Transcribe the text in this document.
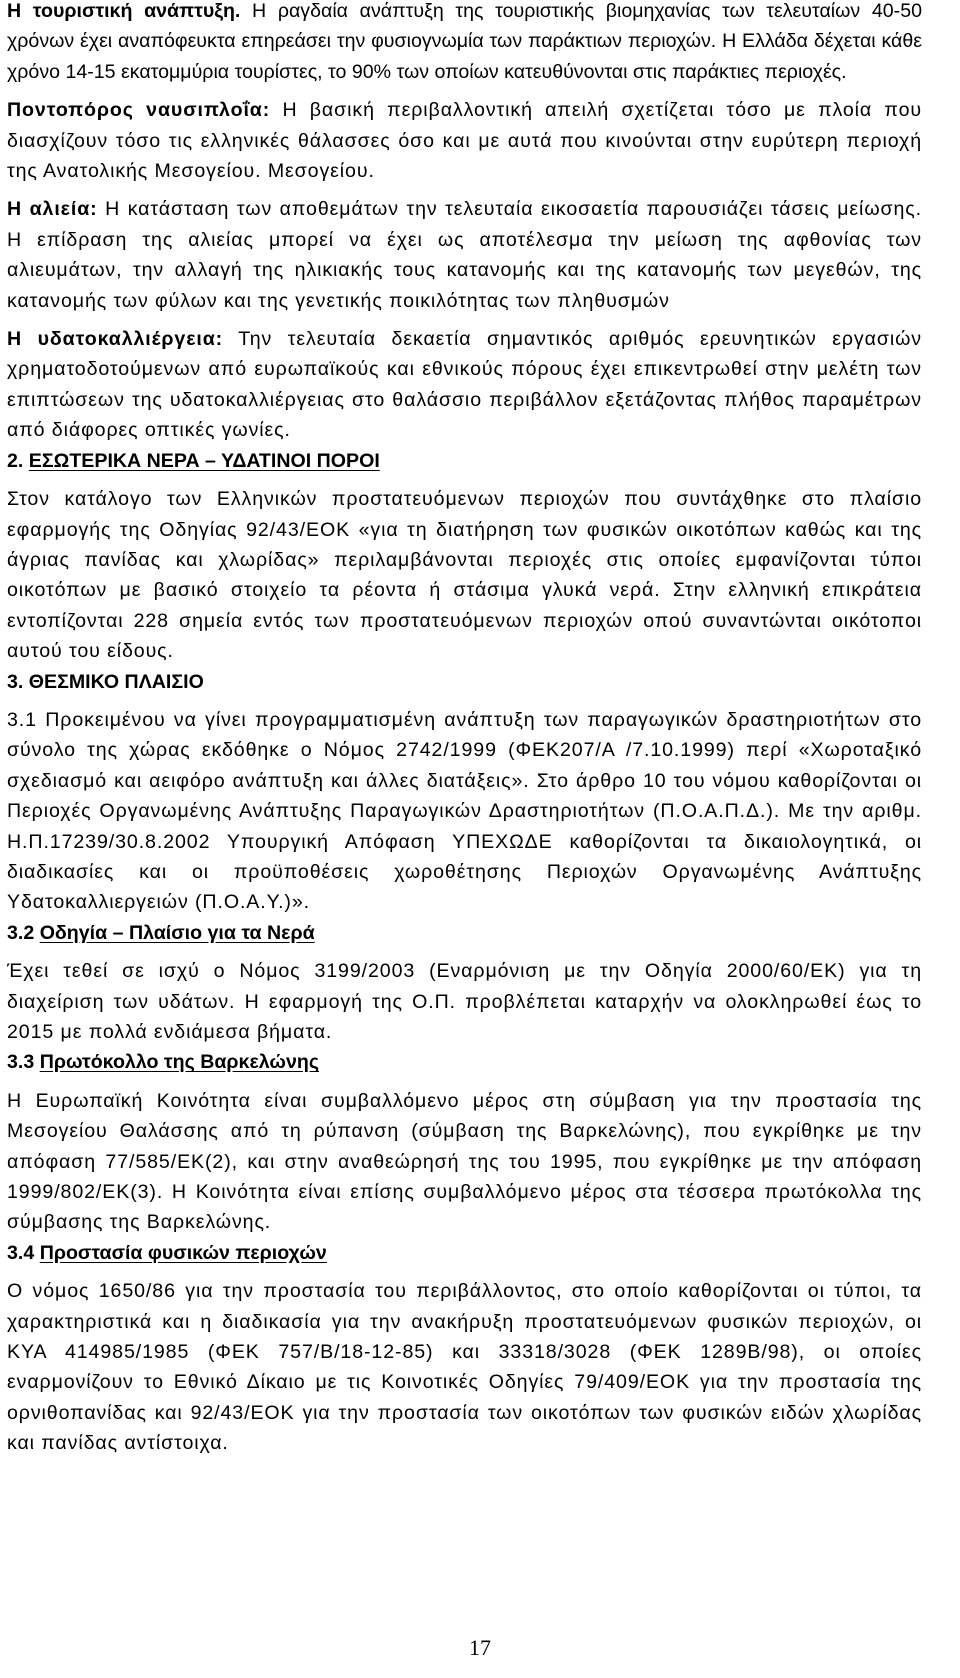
Η τουριστική ανάπτυξη. Η ραγδαία ανάπτυξη της τουριστικής βιομηχανίας των τελευταίων 40-50 χρόνων έχει αναπόφευκτα επηρεάσει την φυσιογνωμία των παράκτιων περιοχών. Η Ελλάδα δέχεται κάθε χρόνο 14-15 εκατομμύρια τουρίστες, το 90% των οποίων κατευθύνονται στις παράκτιες περιοχές.

Ποντοπόρος ναυσιπλοΐα: Η βασική περιβαλλοντική απειλή σχετίζεται τόσο με πλοία που διασχίζουν τόσο τις ελληνικές θάλασσες όσο και με αυτά που κινούνται στην ευρύτερη περιοχή της Ανατολικής Μεσογείου. Μεσογείου.

Η αλιεία: Η κατάσταση των αποθεμάτων την τελευταία εικοσαετία παρουσιάζει τάσεις μείωσης. Η επίδραση της αλιείας μπορεί να έχει ως αποτέλεσμα την μείωση της αφθονίας των αλιευμάτων, την αλλαγή της ηλικιακής τους κατανομής και της κατανομής των μεγεθών, της κατανομής των φύλων και της γενετικής ποικιλότητας των πληθυσμών

Η υδατοκαλλιέργεια: Την τελευταία δεκαετία σημαντικός αριθμός ερευνητικών εργασιών χρηματοδοτούμενων από ευρωπαϊκούς και εθνικούς πόρους έχει επικεντρωθεί στην μελέτη των επιπτώσεων της υδατοκαλλιέργειας στο θαλάσσιο περιβάλλον εξετάζοντας πλήθος παραμέτρων από διάφορες οπτικές γωνίες.

2. ΕΣΩΤΕΡΙΚΑ ΝΕΡΑ – ΥΔΑΤΙΝΟΙ ΠΟΡΟΙ

Στον κατάλογο των Ελληνικών προστατευόμενων περιοχών που συντάχθηκε στο πλαίσιο εφαρμογής της Οδηγίας 92/43/ΕΟΚ «για τη διατήρηση των φυσικών οικοτόπων καθώς και της άγριας πανίδας και χλωρίδας» περιλαμβάνονται περιοχές στις οποίες εμφανίζονται τύποι οικοτόπων με βασικό στοιχείο τα ρέοντα ή στάσιμα γλυκά νερά. Στην ελληνική επικράτεια εντοπίζονται 228 σημεία εντός των προστατευόμενων περιοχών οπού συναντώνται οικότοποι αυτού του είδους.

3. ΘΕΣΜΙΚΟ ΠΛΑΙΣΙΟ

3.1 Προκειμένου να γίνει προγραμματισμένη ανάπτυξη των παραγωγικών δραστηριοτήτων στο σύνολο της χώρας εκδόθηκε ο Νόμος 2742/1999 (ΦΕΚ207/Α /7.10.1999) περί «Χωροταξικό σχεδιασμό και αειφόρο ανάπτυξη και άλλες διατάξεις». Στο άρθρο 10 του νόμου καθορίζονται οι Περιοχές Οργανωμένης Ανάπτυξης Παραγωγικών Δραστηριοτήτων (Π.Ο.Α.Π.Δ.). Με την αριθμ. Η.Π.17239/30.8.2002 Υπουργική Απόφαση ΥΠΕΧΩΔΕ καθορίζονται τα δικαιολογητικά, οι διαδικασίες και οι προϋποθέσεις χωροθέτησης Περιοχών Οργανωμένης Ανάπτυξης Υδατοκαλλιεργειών (Π.Ο.Α.Υ.)».

3.2 Οδηγία – Πλαίσιο για τα Νερά

Έχει τεθεί σε ισχύ ο Νόμος 3199/2003 (Εναρμόνιση με την Οδηγία 2000/60/ΕΚ) για τη διαχείριση των υδάτων. Η εφαρμογή της Ο.Π. προβλέπεται καταρχήν να ολοκληρωθεί έως το 2015 με πολλά ενδιάμεσα βήματα.

3.3 Πρωτόκολλο της Βαρκελώνης

Η Ευρωπαϊκή Κοινότητα είναι συμβαλλόμενο μέρος στη σύμβαση για την προστασία της Μεσογείου Θαλάσσης από τη ρύπανση (σύμβαση της Βαρκελώνης), που εγκρίθηκε με την απόφαση 77/585/ΕΚ(2), και στην αναθεώρησή της του 1995, που εγκρίθηκε με την απόφαση 1999/802/ΕΚ(3). Η Κοινότητα είναι επίσης συμβαλλόμενο μέρος στα τέσσερα πρωτόκολλα της σύμβασης της Βαρκελώνης.

3.4 Προστασία φυσικών περιοχών

Ο νόμος 1650/86 για την προστασία του περιβάλλοντος, στο οποίο καθορίζονται οι τύποι, τα χαρακτηριστικά και η διαδικασία για την ανακήρυξη προστατευόμενων φυσικών περιοχών, οι ΚΥΑ 414985/1985 (ΦΕΚ 757/Β/18-12-85) και 33318/3028 (ΦΕΚ 1289Β/98), οι οποίες εναρμονίζουν το Εθνικό Δίκαιο με τις Κοινοτικές Οδηγίες 79/409/ΕΟΚ για την προστασία της ορνιθοπανίδας και 92/43/ΕΟΚ για την προστασία των οικοτόπων των φυσικών ειδών χλωρίδας και πανίδας αντίστοιχα.

17
